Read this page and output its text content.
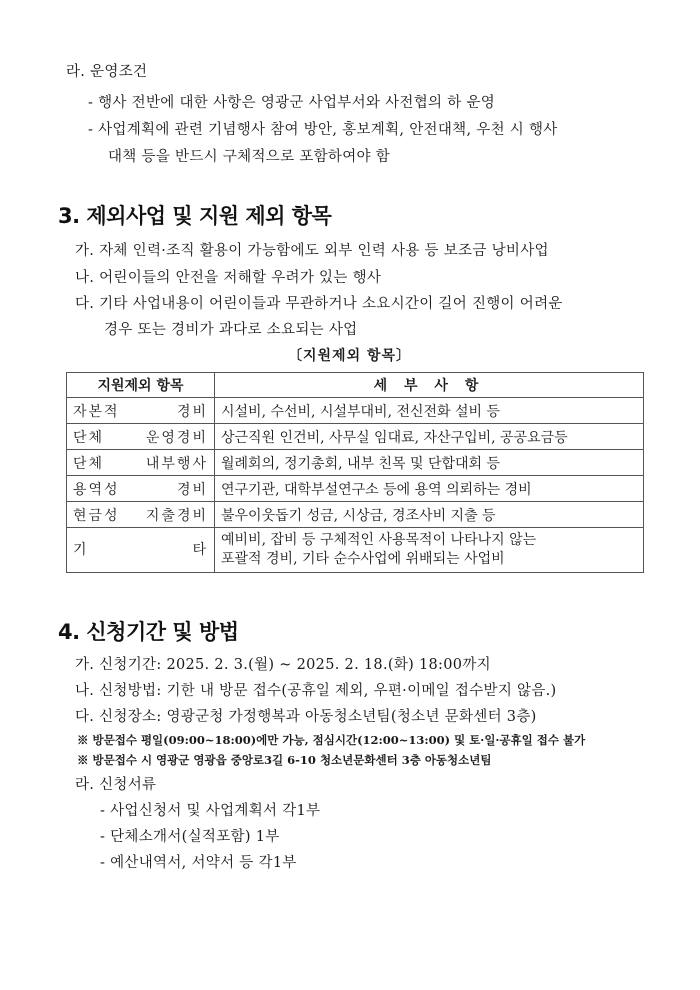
라. 운영조건
- 행사 전반에 대한 사항은 영광군 사업부서와 사전협의 하 운영
- 사업계획에 관련 기념행사 참여 방안, 홍보계획, 안전대책, 우천 시 행사
대책 등을 반드시 구체적으로 포함하여야 함
3. 제외사업 및 지원 제외 항목
가. 자체 인력·조직 활용이 가능함에도 외부 인력 사용 등 보조금 낭비사업
나. 어린이들의 안전을 저해할 우려가 있는 행사
다. 기타 사업내용이 어린이들과 무관하거나 소요시간이 길어 진행이 어려운
경우 또는 경비가 과다로 소요되는 사업
〔지원제외 항목〕
지원제외 항목	세 부 사 항
자본적 경비	시설비, 수선비, 시설부대비, 전신전화 설비 등
단체 운영경비	상근직원 인건비, 사무실 임대료, 자산구입비, 공공요금등
단체 내부행사	월례회의, 정기총회, 내부 친목 및 단합대회 등
용역성 경비	연구기관, 대학부설연구소 등에 용역 의뢰하는 경비
현금성 지출경비	불우이웃돕기 성금, 시상금, 경조사비 지출 등
기 타	예비비, 잡비 등 구체적인 사용목적이 나타나지 않는
포괄적 경비, 기타 순수사업에 위배되는 사업비
4. 신청기간 및 방법
가. 신청기간: 2025. 2. 3.(월) ~ 2025. 2. 18.(화) 18:00까지
나. 신청방법: 기한 내 방문 접수(공휴일 제외, 우편·이메일 접수받지 않음.)
다. 신청장소: 영광군청 가정행복과 아동청소년팀(청소년 문화센터 3층)
※ 방문접수 평일(09:00~18:00)에만 가능, 점심시간(12:00~13:00) 및 토·일·공휴일 접수 불가
※ 방문접수 시 영광군 영광읍 중앙로3길 6-10 청소년문화센터 3층 아동청소년팀
라. 신청서류
- 사업신청서 및 사업계획서 각1부
- 단체소개서(실적포함) 1부
- 예산내역서, 서약서 등 각1부
